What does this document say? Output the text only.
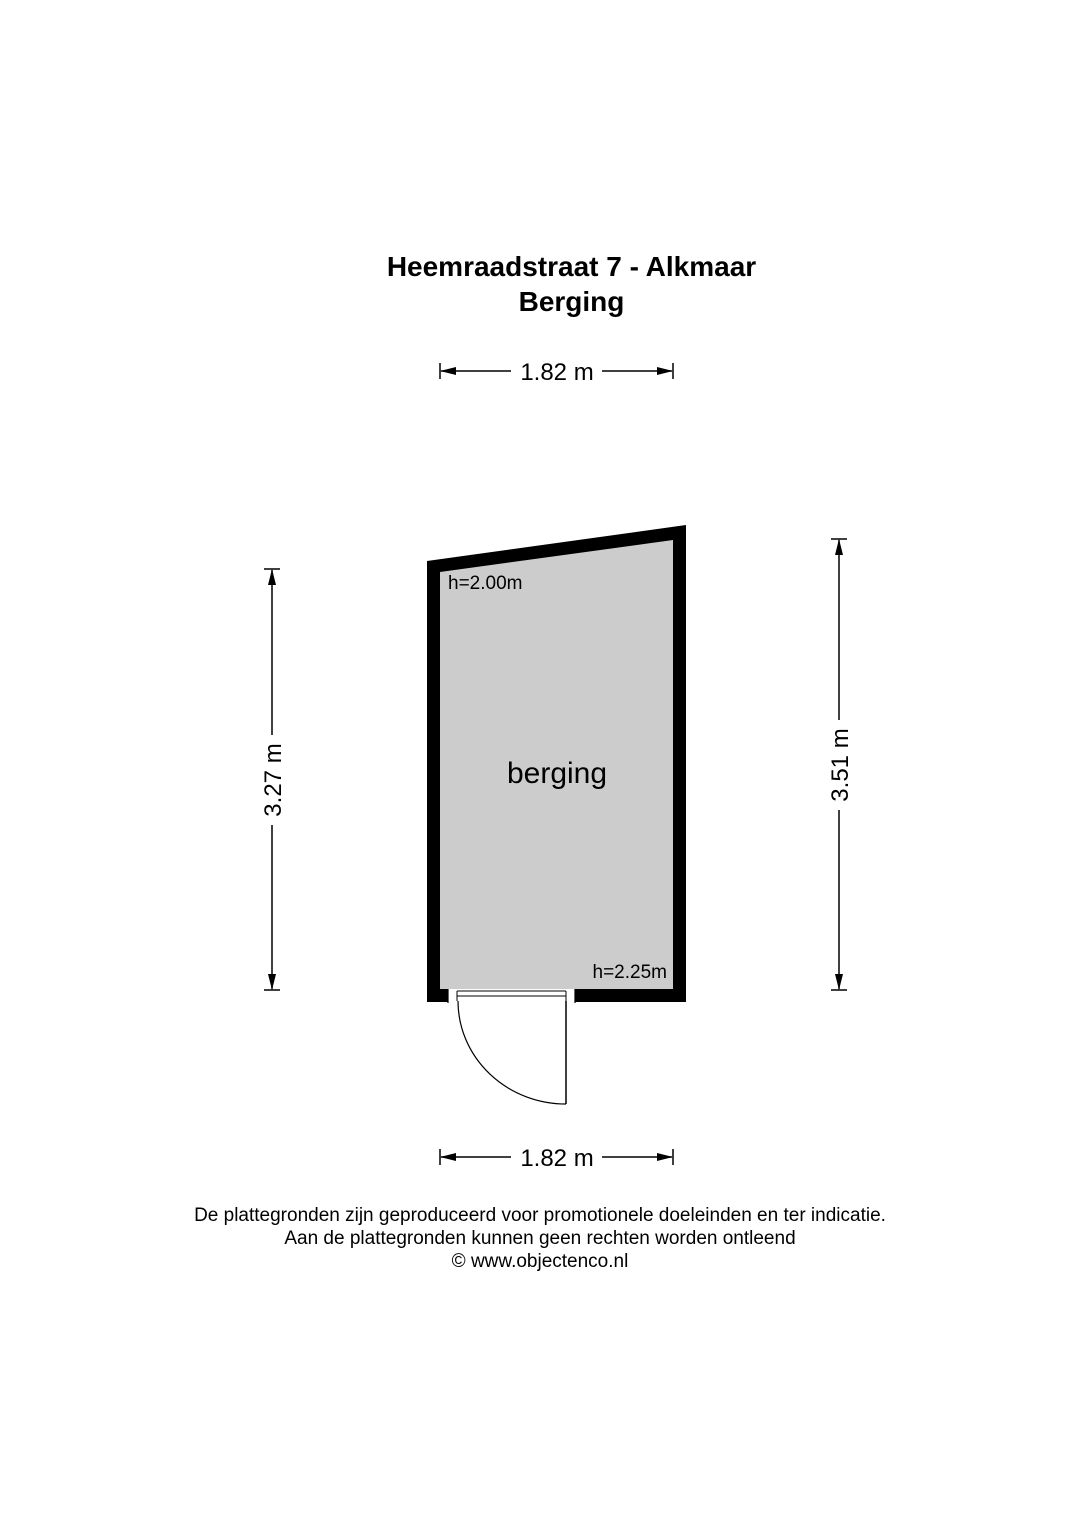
Heemraadstraat 7 - Alkmaar
Berging
1.82 m
1.82 m
3.27 m	3.51 m
h=2.00m
h=2.25m
berging
De plattegronden zijn geproduceerd voor promotionele doeleinden en ter indicatie.
Aan de plattegronden kunnen geen rechten worden ontleend
© www.objectenco.nl
